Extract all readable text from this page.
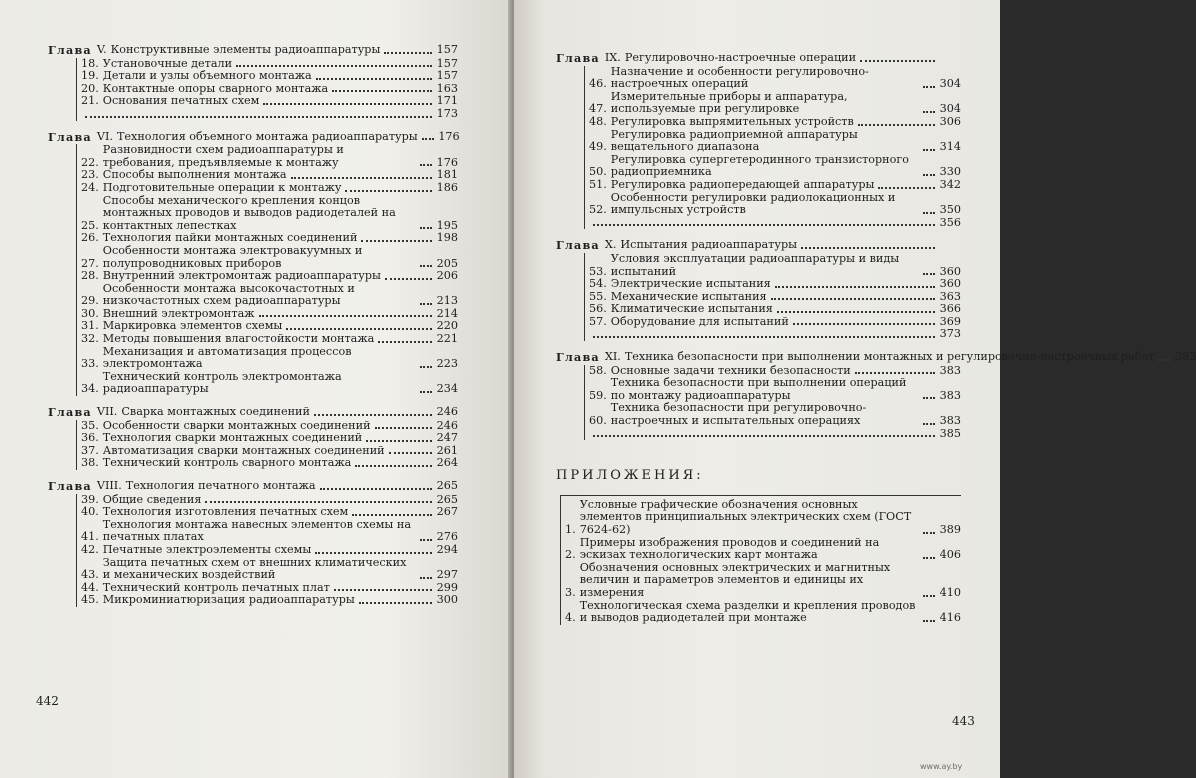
Глава V. Конструктивные элементы радиоаппаратуры	157
18. Установочные детали	157
19. Детали и узлы объемного монтажа	157
20. Контактные опоры сварного монтажа	163
21. Основания печатных схем	171
173
Глава VI. Технология объемного монтажа радиоаппаратуры 176
22.
Разновидности схем радиоаппаратуры и требования, предъявляемые к монтажу	176
23. Способы выполнения монтажа	181
24. Подготовительные операции к монтажу	186
25.
Способы механического крепления концов монтажных проводов и выводов радиодеталей на контактных лепестках	195
26. Технология пайки монтажных соединений	198
27.
Особенности монтажа электровакуумных и полупроводниковых приборов	205
28. Внутренний электромонтаж радиоаппаратуры	206
29.
Особенности монтажа высокочастотных и низкочастотных схем радиоаппаратуры	213
30. Внешний электромонтаж	214
31. Маркировка элементов схемы	220
32. Методы повышения влагостойкости монтажа	221
33.
Механизация и автоматизация процессов электромонтажа	223
34.
Технический контроль электромонтажа радиоаппаратуры	234
Глава VII. Сварка монтажных соединений	246
35. Особенности сварки монтажных соединений	246
36. Технология сварки монтажных соединений	247
37. Автоматизация сварки монтажных соединений	261
38. Технический контроль сварного монтажа	264
Глава VIII. Технология печатного монтажа	265
39. Общие сведения	265
40. Технология изготовления печатных схем	267
41.
Технология монтажа навесных элементов схемы на печатных платах	276
42. Печатные электроэлементы схемы	294
43.
Защита печатных схем от внешних климатических и механических воздействий	297
44. Технический контроль печатных плат	299
45. Микроминиатюризация радиоаппаратуры	300
442
Глава IX. Регулировочно-настроечные операции
46.
Назначение и особенности регулировочно-настроечных операций	304
47.
Измерительные приборы и аппаратура, используемые при регулировке	304
48. Регулировка выпрямительных устройств	306
49.
Регулировка радиоприемной аппаратуры вещательного диапазона	314
50.
Регулировка супергетеродинного транзисторного радиоприемника	330
51. Регулировка радиопередающей аппаратуры	342
52.
Особенности регулировки радиолокационных и импульсных устройств	350
356
Глава X. Испытания радиоаппаратуры
53.
Условия эксплуатации радиоаппаратуры и виды испытаний	360
54. Электрические испытания	360
55. Механические испытания	363
56. Климатические испытания	366
57. Оборудование для испытаний	369
373
Глава XI. Техника безопасности при выполнении монтажных и регулировочно-настроечных работ 383
58. Основные задачи техники безопасности	383
59.
Техника безопасности при выполнении операций по монтажу радиоаппаратуры	383
60.
Техника безопасности при регулировочно-настроечных и испытательных операциях	383
385
ПРИЛОЖЕНИЯ:
1.
Условные графические обозначения основных элементов принципиальных электрических схем (ГОСТ 7624-62)	389
2.
Примеры изображения проводов и соединений на эскизах технологических карт монтажа	406
3.
Обозначения основных электрических и магнитных величин и параметров элементов и единицы их измерения	410
4.
Технологическая схема разделки и крепления проводов и выводов радиодеталей при монтаже	416
443
www.ay.by
